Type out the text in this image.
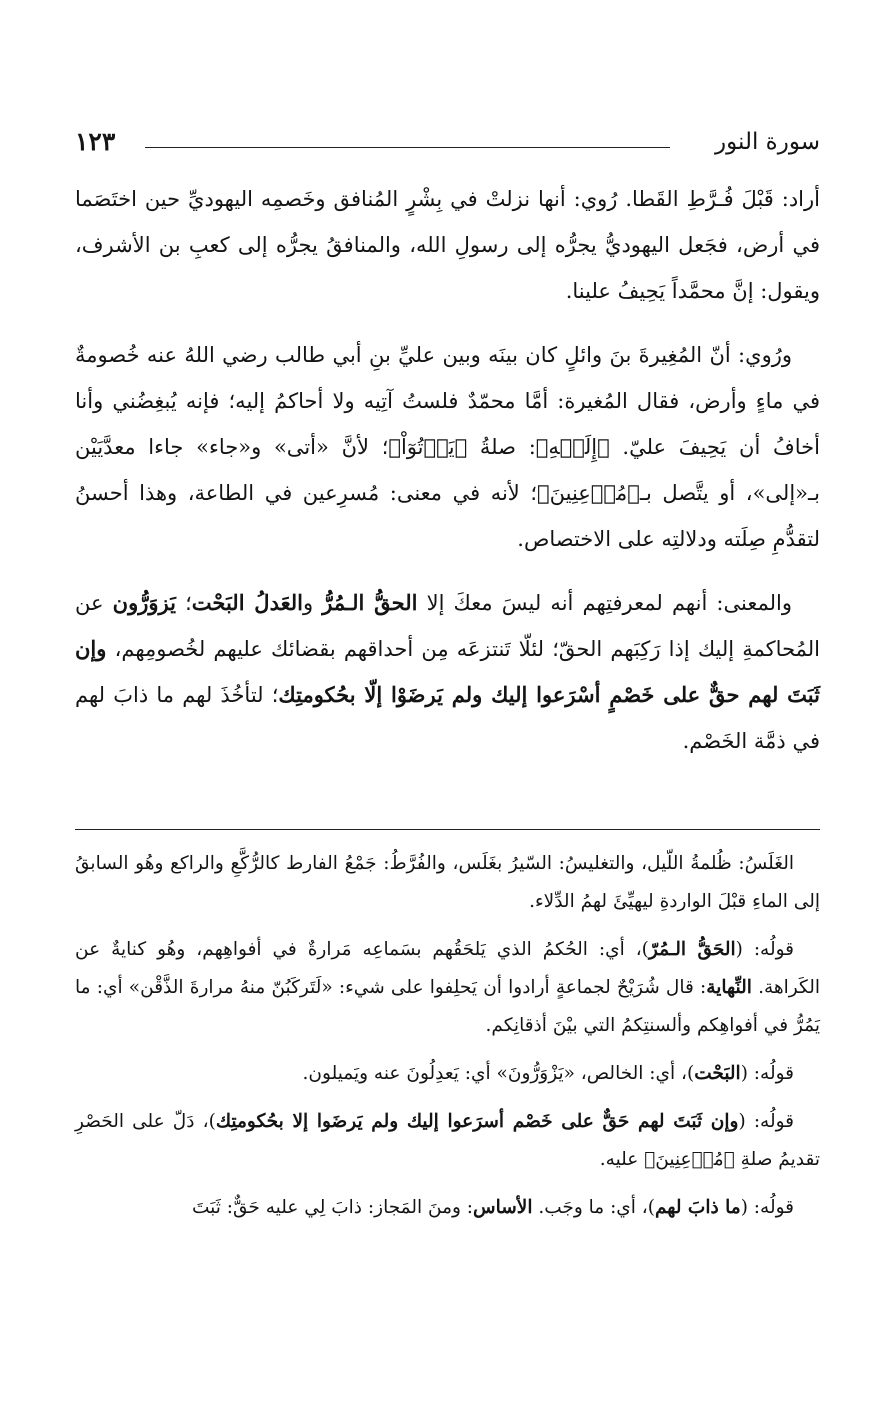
سورة النور
١٢٣

أراد: قَبْلَ فُـرَّطِ القَطا. رُوي: أنها نزلتْ في بِشْرٍ المُنافق وخَصمِه اليهوديِّ حين اختَصَما في أرض، فجَعل اليهوديُّ يجرُّه إلى رسولِ الله، والمنافقُ يجرُّه إلى كعبِ بن الأشرف، ويقول: إنَّ محمَّداً يَحِيفُ علينا.

ورُوي: أنّ المُغِيرةَ بنَ وائلٍ كان بينَه وبين عليِّ بنِ أبي طالب رضي اللهُ عنه خُصومةٌ في ماءٍ وأرض، فقال المُغيرة: أمَّا محمّدٌ فلستُ آتِيه ولا أحاكمُ إليه؛ فإنه يُبغِضُني وأنا أخافُ أن يَحِيفَ عليّ. ﴿إِلَيۡهِ﴾: صلةُ ﴿يَأۡتُوٓاْ﴾؛ لأنَّ «أتى» و«جاء» جاءا معدَّيَيْن بـ«إلى»، أو يتَّصل بـ﴿مُذۡعِنِينَ﴾؛ لأنه في معنى: مُسرِعين في الطاعة، وهذا أحسنُ لتقدُّمِ صِلَته ودلالتِه على الاختصاص.

والمعنى: أنهم لمعرفتِهم أنه ليسَ معكَ إلا الحقُّ الـمُرُّ والعَدلُ البَحْت؛ يَزوَرُّون عن المُحاكمةِ إليك إذا رَكِبَهم الحقّ؛ لئلّا تَنتزعَه مِن أحداقهم بقضائك عليهم لخُصومِهم، وإن ثَبَتَ لهم حقٌّ على خَصْمٍ أسْرَعوا إليك ولم يَرضَوْا إلّا بحُكومتِك؛ لتأخُذَ لهم ما ذابَ لهم في ذمَّة الخَصْم.

الغَلَسُ: ظُلمةُ اللّيل، والتغليسُ: السّيرُ بغَلَس، والفُرَّطُ: جَمْعُ الفارط كالرُّكَّعِ والراكع وهُو السابقُ إلى الماءِ قبْلَ الواردةِ ليهيِّئَ لهمُ الدِّلاء.

قولُه: (الحَقُّ الـمُرّ)، أي: الحُكمُ الذي يَلحَقُهم بسَماعِه مَرارةٌ في أفواهِهم، وهُو كنايةٌ عن الكَراهة. النِّهاية: قال شُرَيْحٌ لجماعةٍ أرادوا أن يَحلِفوا على شيء: «لَتَركَبُنّ منهُ مرارةَ الذَّقْن» أي: ما يَمُرُّ في أفواهِكم وألسنتِكمُ التي بيْنَ أذقانِكم.

قولُه: (البَحْت)، أي: الخالص، «يَزْوَرُّونَ» أي: يَعدِلُونَ عنه ويَميلون.

قولُه: (وإن ثَبَتَ لهم حَقٌّ على خَصْم أسرَعوا إليك ولم يَرضَوا إلا بحُكومتِك)، دَلّ على الحَصْرِ تقديمُ صلةِ ﴿مُذۡعِنِينَ﴾ عليه.

قولُه: (ما ذابَ لهم)، أي: ما وجَب. الأساس: ومنَ المَجاز: ذابَ لِي عليه حَقٌّ: ثَبَتَ
